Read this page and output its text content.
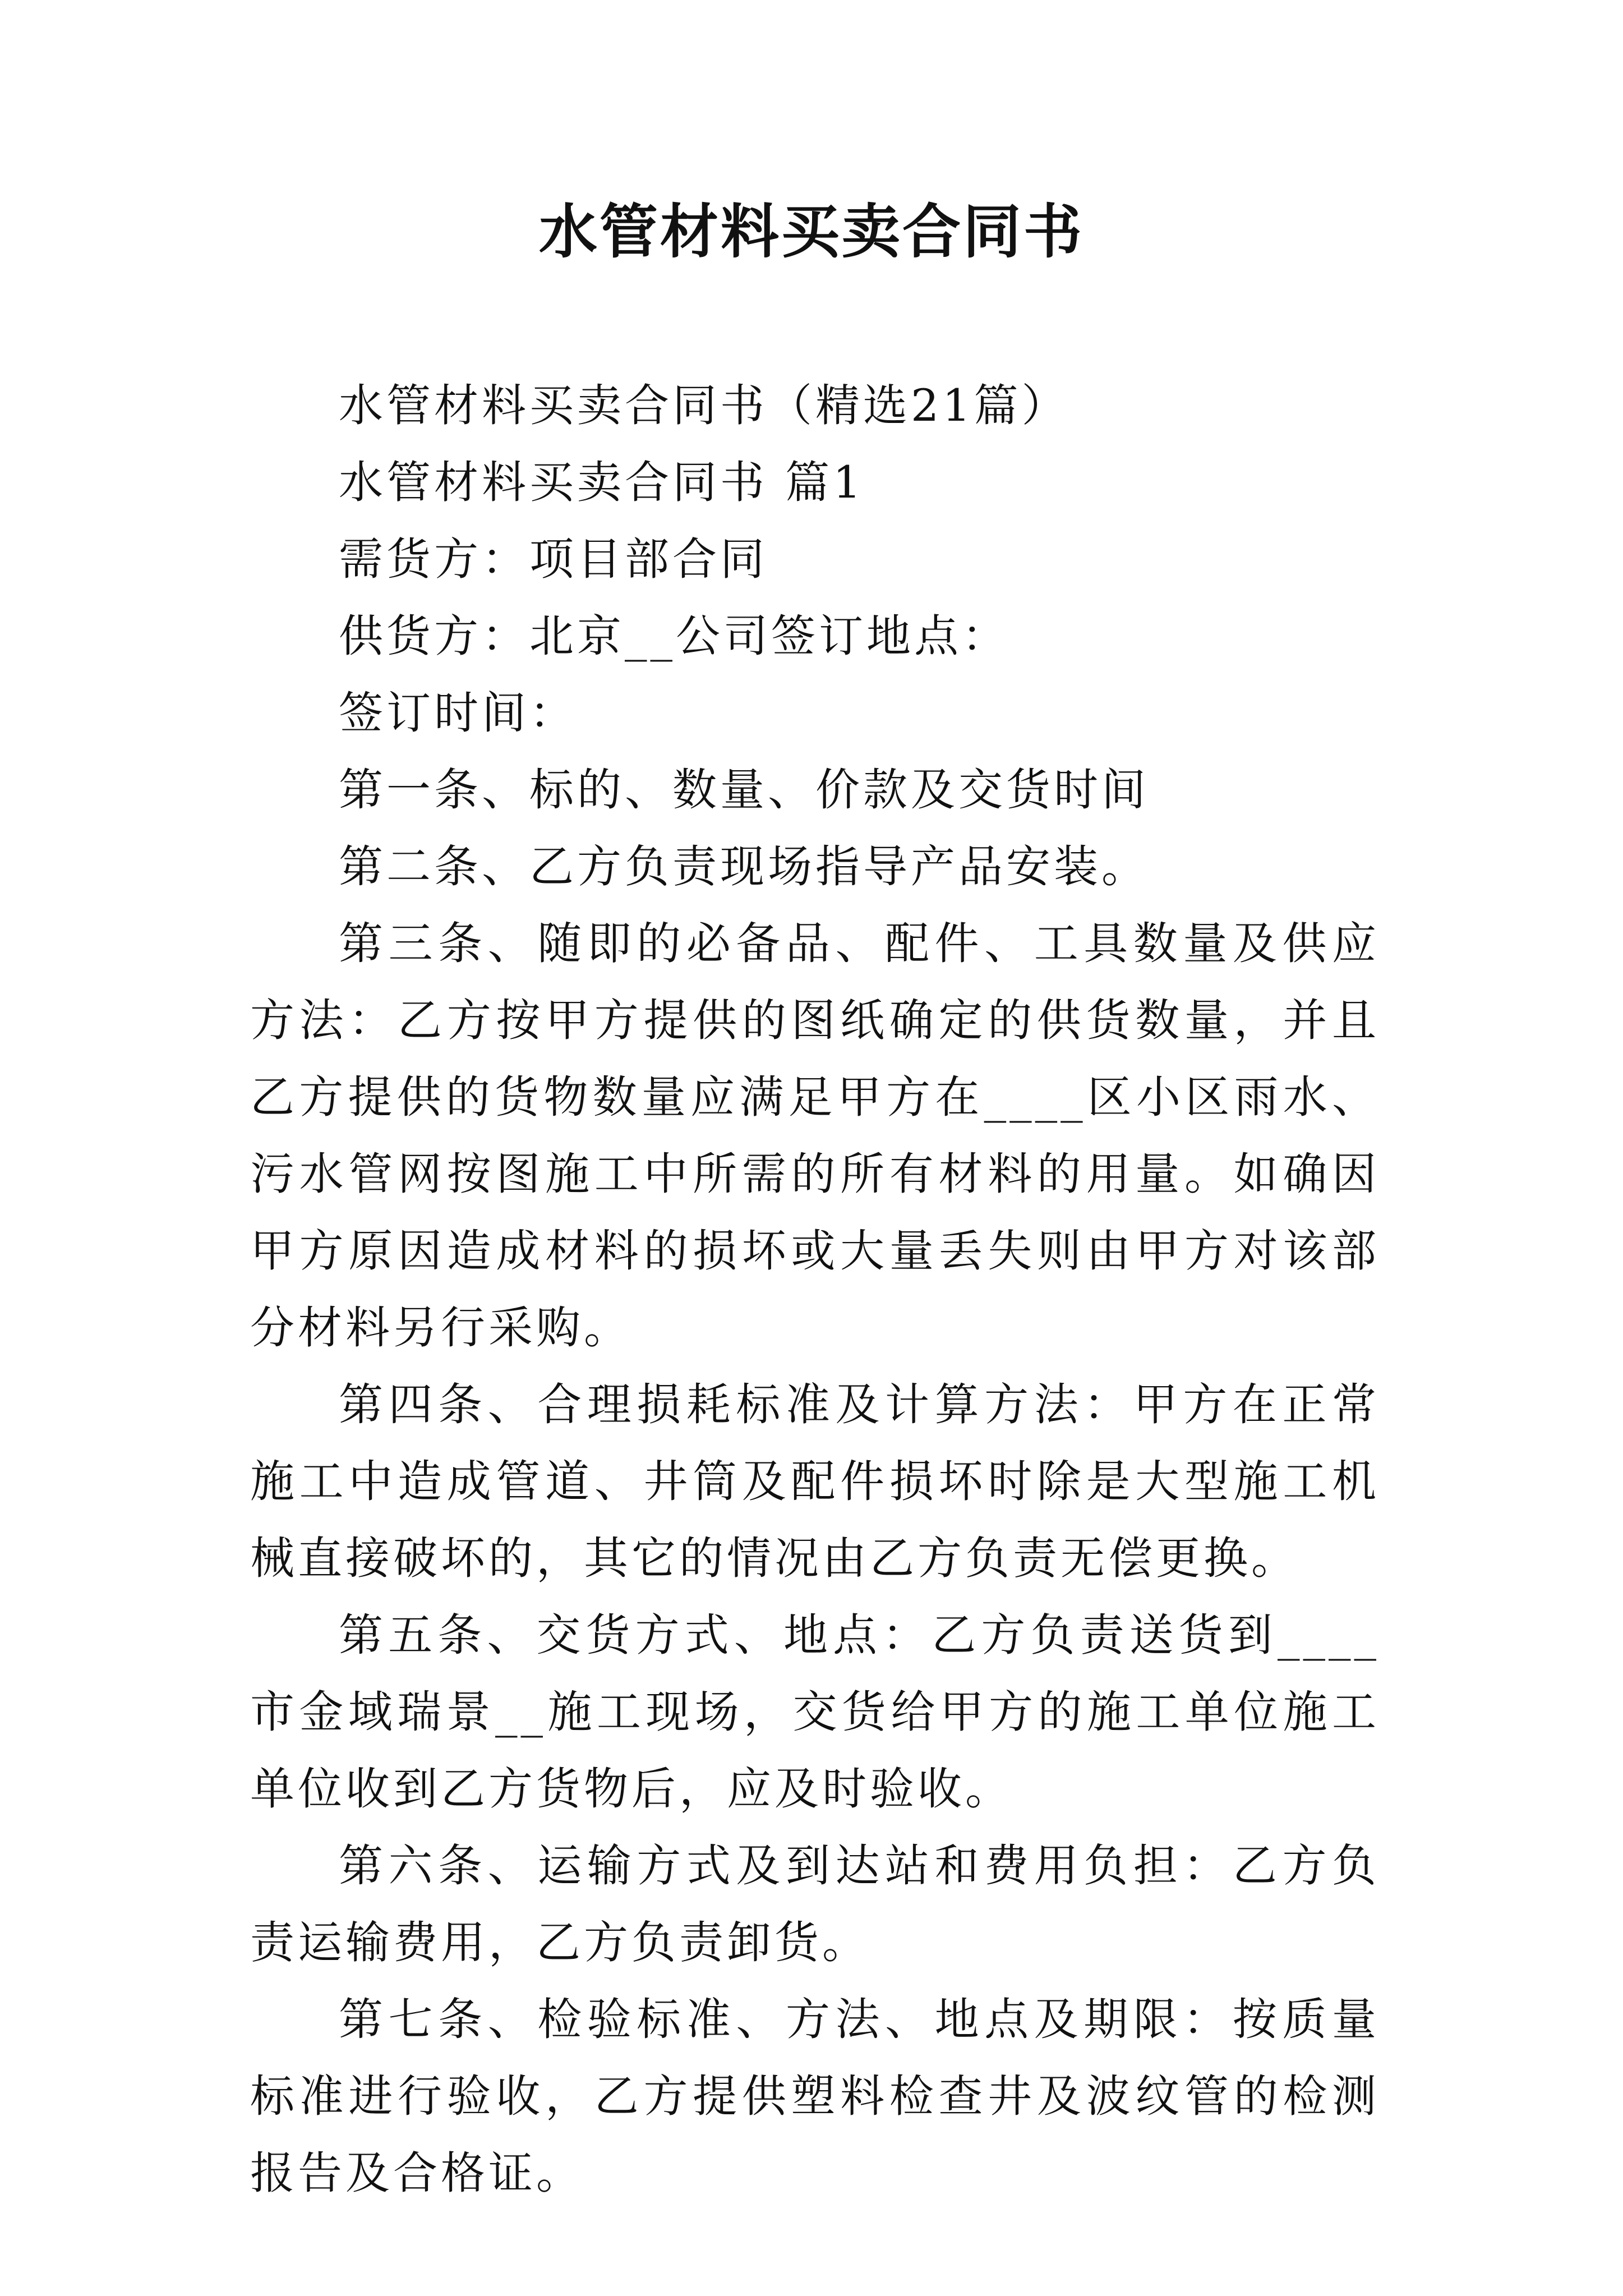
水管材料买卖合同书

水管材料买卖合同书（精选21篇）

水管材料买卖合同书 篇1

需货方：项目部合同

供货方：北京__公司签订地点：

签订时间：

第一条、标的、数量、价款及交货时间

第二条、乙方负责现场指导产品安装。

第三条、随即的必备品、配件、工具数量及供应方法：乙方按甲方提供的图纸确定的供货数量，并且乙方提供的货物数量应满足甲方在____区小区雨水、污水管网按图施工中所需的所有材料的用量。如确因甲方原因造成材料的损坏或大量丢失则由甲方对该部分材料另行采购。

第四条、合理损耗标准及计算方法：甲方在正常施工中造成管道、井筒及配件损坏时除是大型施工机械直接破坏的，其它的情况由乙方负责无偿更换。

第五条、交货方式、地点：乙方负责送货到____市金域瑞景__施工现场，交货给甲方的施工单位施工单位收到乙方货物后，应及时验收。

第六条、运输方式及到达站和费用负担：乙方负责运输费用，乙方负责卸货。

第七条、检验标准、方法、地点及期限：按质量标准进行验收，乙方提供塑料检查井及波纹管的检测报告及合格证。
